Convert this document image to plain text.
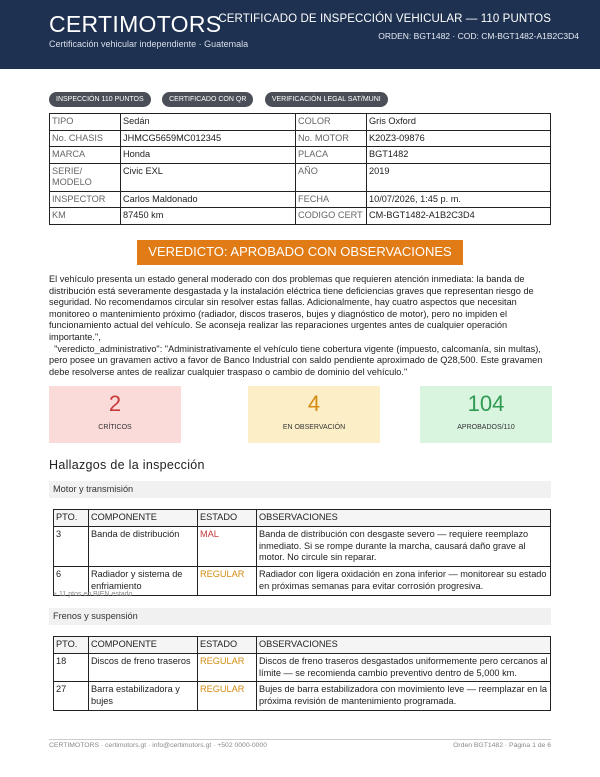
CERTIMOTORS
Certificación vehicular independiente · Guatemala
CERTIFICADO DE INSPECCIÓN VEHICULAR — 110 PUNTOS
ORDEN: BGT1482 · COD: CM-BGT1482-A1B2C3D4
INSPECCIÓN 110 PUNTOS	CERTIFICADO CON QR	VERIFICACIÓN LEGAL SAT/MUNI
TIPO	Sedán	COLOR	Gris Oxford
No. CHASIS	JHMCG5659MC012345	No. MOTOR	K20Z3-09876
MARCA	Honda	PLACA	BGT1482
SERIE/ MODELO	Civic EXL	AÑO	2019
INSPECTOR	Carlos Maldonado	FECHA	10/07/2026, 1:45 p. m.
KM	87450 km	CODIGO CERT	CM-BGT1482-A1B2C3D4
VEREDICTO: APROBADO CON OBSERVACIONES
El vehículo presenta un estado general moderado con dos problemas que requieren atención inmediata: la banda de distribución está severamente desgastada y la instalación eléctrica tiene deficiencias graves que representan riesgo de seguridad. No recomendamos circular sin resolver estas fallas. Adicionalmente, hay cuatro aspectos que necesitan monitoreo o mantenimiento próximo (radiador, discos traseros, bujes y diagnóstico de motor), pero no impiden el funcionamiento actual del vehículo. Se aconseja realizar las reparaciones urgentes antes de cualquier operación importante.",
"veredicto_administrativo": "Administrativamente el vehículo tiene cobertura vigente (impuesto, calcomanía, sin multas), pero posee un gravamen activo a favor de Banco Industrial con saldo pendiente aproximado de Q28,500. Este gravamen debe resolverse antes de realizar cualquier traspaso o cambio de dominio del vehículo."
2
CRÍTICOS
4
EN OBSERVACIÓN
104
APROBADOS/110
Hallazgos de la inspección
Motor y transmisión
PTO.	COMPONENTE	ESTADO	OBSERVACIONES
3	Banda de distribución	MAL	Banda de distribución con desgaste severo — requiere reemplazo inmediato. Si se rompe durante la marcha, causará daño grave al motor. No circule sin reparar.
6	Radiador y sistema de enfriamiento	REGULAR	Radiador con ligera oxidación en zona inferior — monitorear su estado en próximas semanas para evitar corrosión progresiva.
+ 11 ptos en BIEN estado
Frenos y suspensión
PTO.	COMPONENTE	ESTADO	OBSERVACIONES
18	Discos de freno traseros	REGULAR	Discos de freno traseros desgastados uniformemente pero cercanos al límite — se recomienda cambio preventivo dentro de 5,000 km.
27	Barra estabilizadora y bujes	REGULAR	Bujes de barra estabilizadora con movimiento leve — reemplazar en la próxima revisión de mantenimiento programada.
CERTIMOTORS · certimotors.gt · info@certimotors.gt · +502 0000-0000	Orden BGT1482 · Página 1 de 6
